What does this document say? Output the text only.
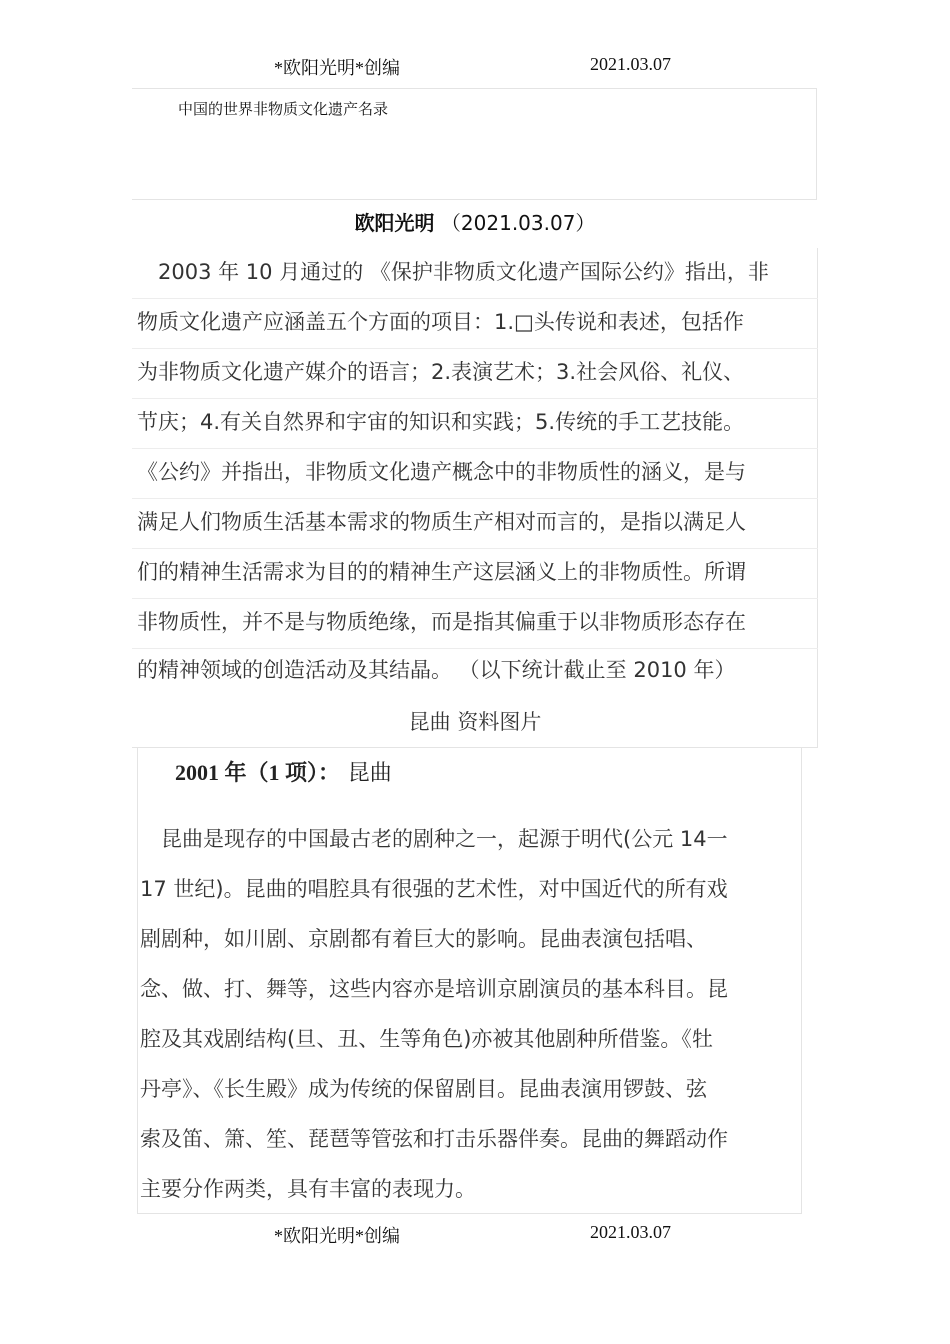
*欧阳光明*创编	2021.03.07
中国的世界非物质文化遗产名录
欧阳光明 （2021.03.07）
　2003 年 10 月通过的 《保护非物质文化遗产国际公约》指出，非
物质文化遗产应涵盖五个方面的项目：1.□头传说和表述，包括作
为非物质文化遗产媒介的语言；2.表演艺术；3.社会风俗、礼仪、
节庆；4.有关自然界和宇宙的知识和实践；5.传统的手工艺技能。
《公约》并指出，非物质文化遗产概念中的非物质性的涵义，是与
满足人们物质生活基本需求的物质生产相对而言的，是指以满足人
们的精神生活需求为目的的精神生产这层涵义上的非物质性。所谓
非物质性，并不是与物质绝缘，而是指其偏重于以非物质形态存在
的精神领域的创造活动及其结晶。 （以下统计截止至 2010 年）
昆曲 资料图片
2001 年（1 项）： 昆曲
　昆曲是现存的中国最古老的剧种之一，起源于明代(公元 14一
17 世纪)。昆曲的唱腔具有很强的艺术性，对中国近代的所有戏
剧剧种，如川剧、京剧都有着巨大的影响。昆曲表演包括唱、
念、做、打、舞等，这些内容亦是培训京剧演员的基本科目。昆
腔及其戏剧结构(旦、丑、生等角色)亦被其他剧种所借鉴。《牡
丹亭》、《长生殿》成为传统的保留剧目。昆曲表演用锣鼓、弦
索及笛、箫、笙、琵琶等管弦和打击乐器伴奏。昆曲的舞蹈动作
主要分作两类，具有丰富的表现力。
*欧阳光明*创编	2021.03.07
